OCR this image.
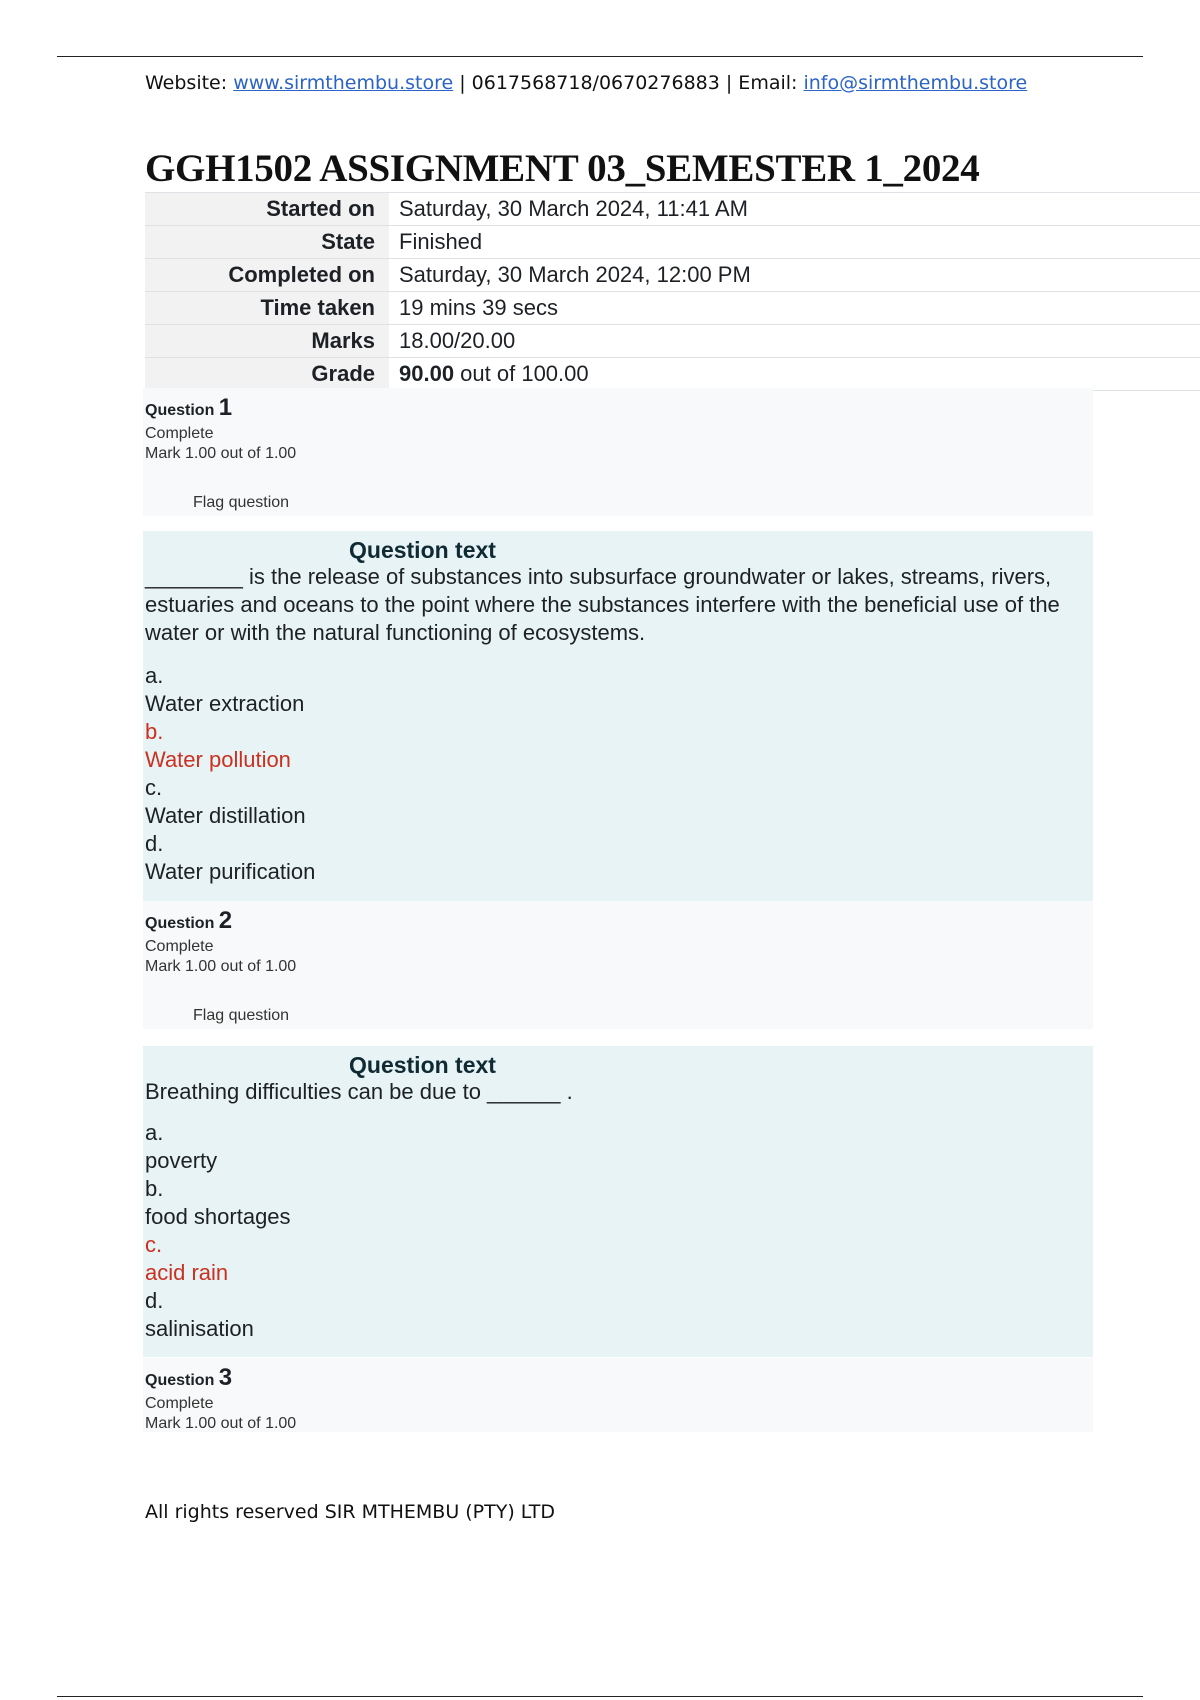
Website: www.sirmthembu.store | 0617568718/0670276883 | Email: info@sirmthembu.store
GGH1502 ASSIGNMENT 03_SEMESTER 1_2024
Started on	Saturday, 30 March 2024, 11:41 AM
State	Finished
Completed on	Saturday, 30 March 2024, 12:00 PM
Time taken	19 mins 39 secs
Marks	18.00/20.00
Grade	90.00 out of 100.00
Question 1
Complete
Mark 1.00 out of 1.00
Flag question
Question text
________ is the release of substances into subsurface groundwater or lakes, streams, rivers, estuaries and oceans to the point where the substances interfere with the beneficial use of the water or with the natural functioning of ecosystems.
a.
Water extraction
b.
Water pollution
c.
Water distillation
d.
Water purification
Question 2
Complete
Mark 1.00 out of 1.00
Flag question
Question text
Breathing difficulties can be due to ______ .
a.
poverty
b.
food shortages
c.
acid rain
d.
salinisation
Question 3
Complete
Mark 1.00 out of 1.00
All rights reserved SIR MTHEMBU (PTY) LTD
